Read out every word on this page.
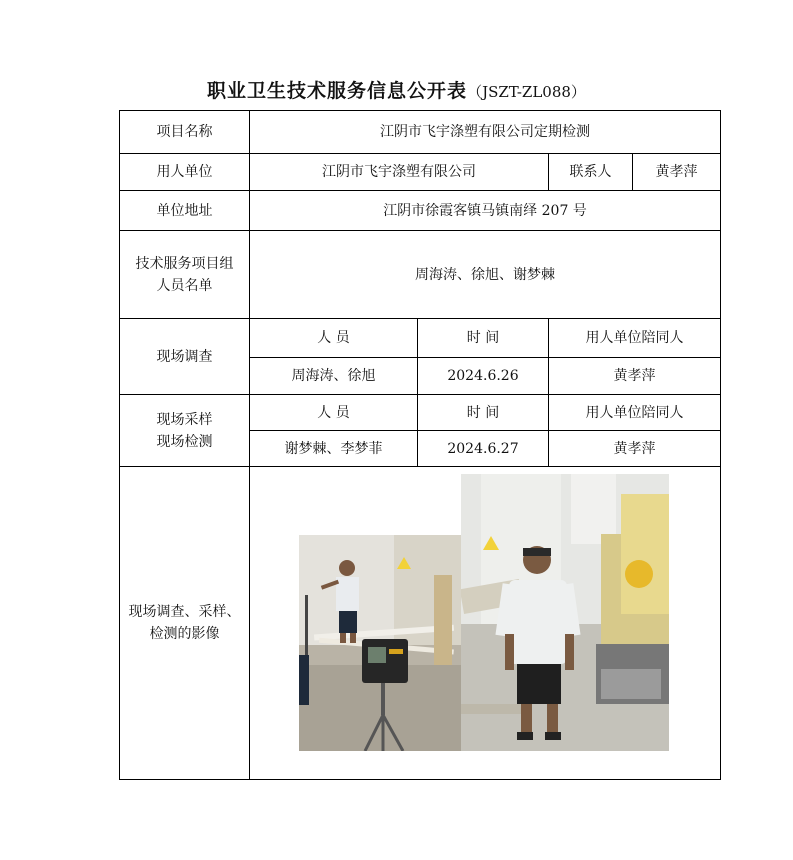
职业卫生技术服务信息公开表（JSZT-ZL088）
项目名称	江阴市飞宇涤塑有限公司定期检测			
用人单位	江阴市飞宇涤塑有限公司		联系人	黄孝萍
单位地址	江阴市徐霞客镇马镇南绎 207 号			

技术服务项目组
人员名单	周海涛、徐旭、谢梦棘			
现场调查	人 员	时 间	用人单位陪同人	
	周海涛、徐旭	2024.6.26	黄孝萍	

现场采样
现场检测	人 员	时 间	用人单位陪同人	
	谢梦棘、李梦菲	2024.6.27	黄孝萍	

现场调查、采样、
检测的影像				
